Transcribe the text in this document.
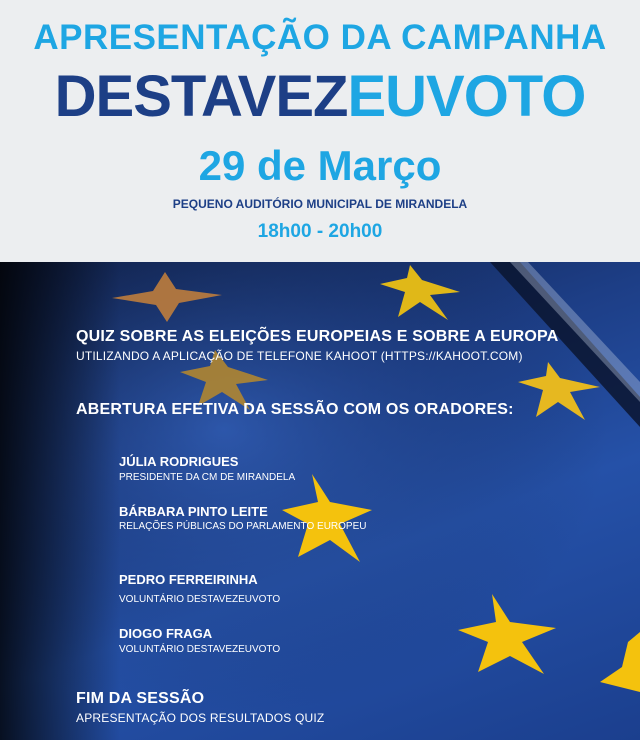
APRESENTAÇÃO DA CAMPANHA
DESTAVEZEUVOTO
29 de Março
PEQUENO AUDITÓRIO MUNICIPAL DE MIRANDELA
18h00 - 20h00
QUIZ SOBRE AS ELEIÇÕES EUROPEIAS E SOBRE A EUROPA
UTILIZANDO A APLICAÇÃO DE TELEFONE KAHOOT (HTTPS://KAHOOT.COM)
ABERTURA EFETIVA DA SESSÃO COM OS ORADORES:
JÚLIA RODRIGUES
PRESIDENTE DA CM DE MIRANDELA
BÁRBARA PINTO LEITE
RELAÇÕES PÚBLICAS DO PARLAMENTO EUROPEU
PEDRO FERREIRINHA
VOLUNTÁRIO DESTAVEZEUVOTO
DIOGO FRAGA
VOLUNTÁRIO DESTAVEZEUVOTO
FIM DA SESSÃO
APRESENTAÇÃO DOS RESULTADOS QUIZ
